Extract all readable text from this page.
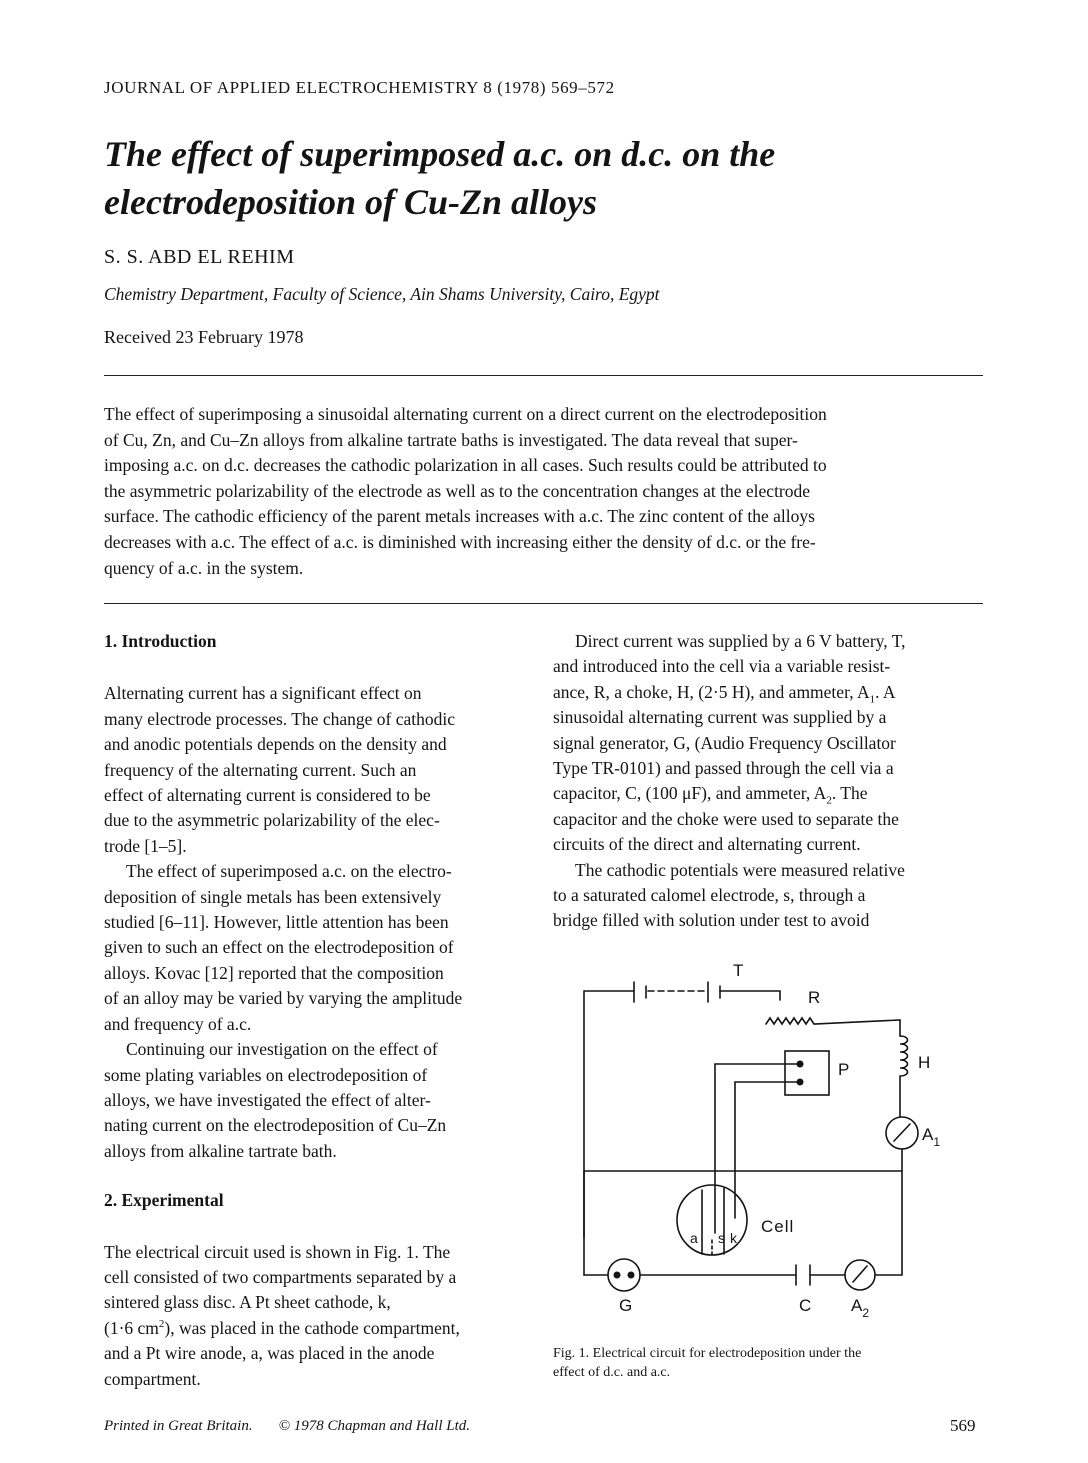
JOURNAL OF APPLIED ELECTROCHEMISTRY 8 (1978) 569–572
The effect of superimposed a.c. on d.c. on the
electrodeposition of Cu-Zn alloys
S. S. ABD EL REHIM
Chemistry Department, Faculty of Science, Ain Shams University, Cairo, Egypt
Received 23 February 1978
The effect of superimposing a sinusoidal alternating current on a direct current on the electrodeposition
of Cu, Zn, and Cu–Zn alloys from alkaline tartrate baths is investigated. The data reveal that super-
imposing a.c. on d.c. decreases the cathodic polarization in all cases. Such results could be attributed to
the asymmetric polarizability of the electrode as well as to the concentration changes at the electrode
surface. The cathodic efficiency of the parent metals increases with a.c. The zinc content of the alloys
decreases with a.c. The effect of a.c. is diminished with increasing either the density of d.c. or the fre-
quency of a.c. in the system.
1. Introduction
Alternating current has a significant effect on
many electrode processes. The change of cathodic
and anodic potentials depends on the density and
frequency of the alternating current. Such an
effect of alternating current is considered to be
due to the asymmetric polarizability of the elec-
trode [1–5].
The effect of superimposed a.c. on the electro-
deposition of single metals has been extensively
studied [6–11]. However, little attention has been
given to such an effect on the electrodeposition of
alloys. Kovac [12] reported that the composition
of an alloy may be varied by varying the amplitude
and frequency of a.c.
Continuing our investigation on the effect of
some plating variables on electrodeposition of
alloys, we have investigated the effect of alter-
nating current on the electrodeposition of Cu–Zn
alloys from alkaline tartrate bath.
2. Experimental
The electrical circuit used is shown in Fig. 1. The
cell consisted of two compartments separated by a
sintered glass disc. A Pt sheet cathode, k,
(1·6 $cm^2$), was placed in the cathode compartment,
and a Pt wire anode, a, was placed in the anode
compartment.
Direct current was supplied by a 6 V battery, T,
and introduced into the cell via a variable resist-
ance, R, a choke, H, (2·5 H), and ammeter, $A_1$. A
sinusoidal alternating current was supplied by a
signal generator, G, (Audio Frequency Oscillator
Type TR-0101) and passed through the cell via a
capacitor, C, (100 μF), and ammeter, $A_2$. The
capacitor and the choke were used to separate the
circuits of the direct and alternating current.
The cathodic potentials were measured relative
to a saturated calomel electrode, s, through a
bridge filled with solution under test to avoid
T
R
H
P
$A_1$
Cell
a s k
G	C $A_2$
Fig. 1. Electrical circuit for electrodeposition under the
effect of d.c. and a.c.
Printed in Great Britain. © 1978 Chapman and Hall Ltd.	569
